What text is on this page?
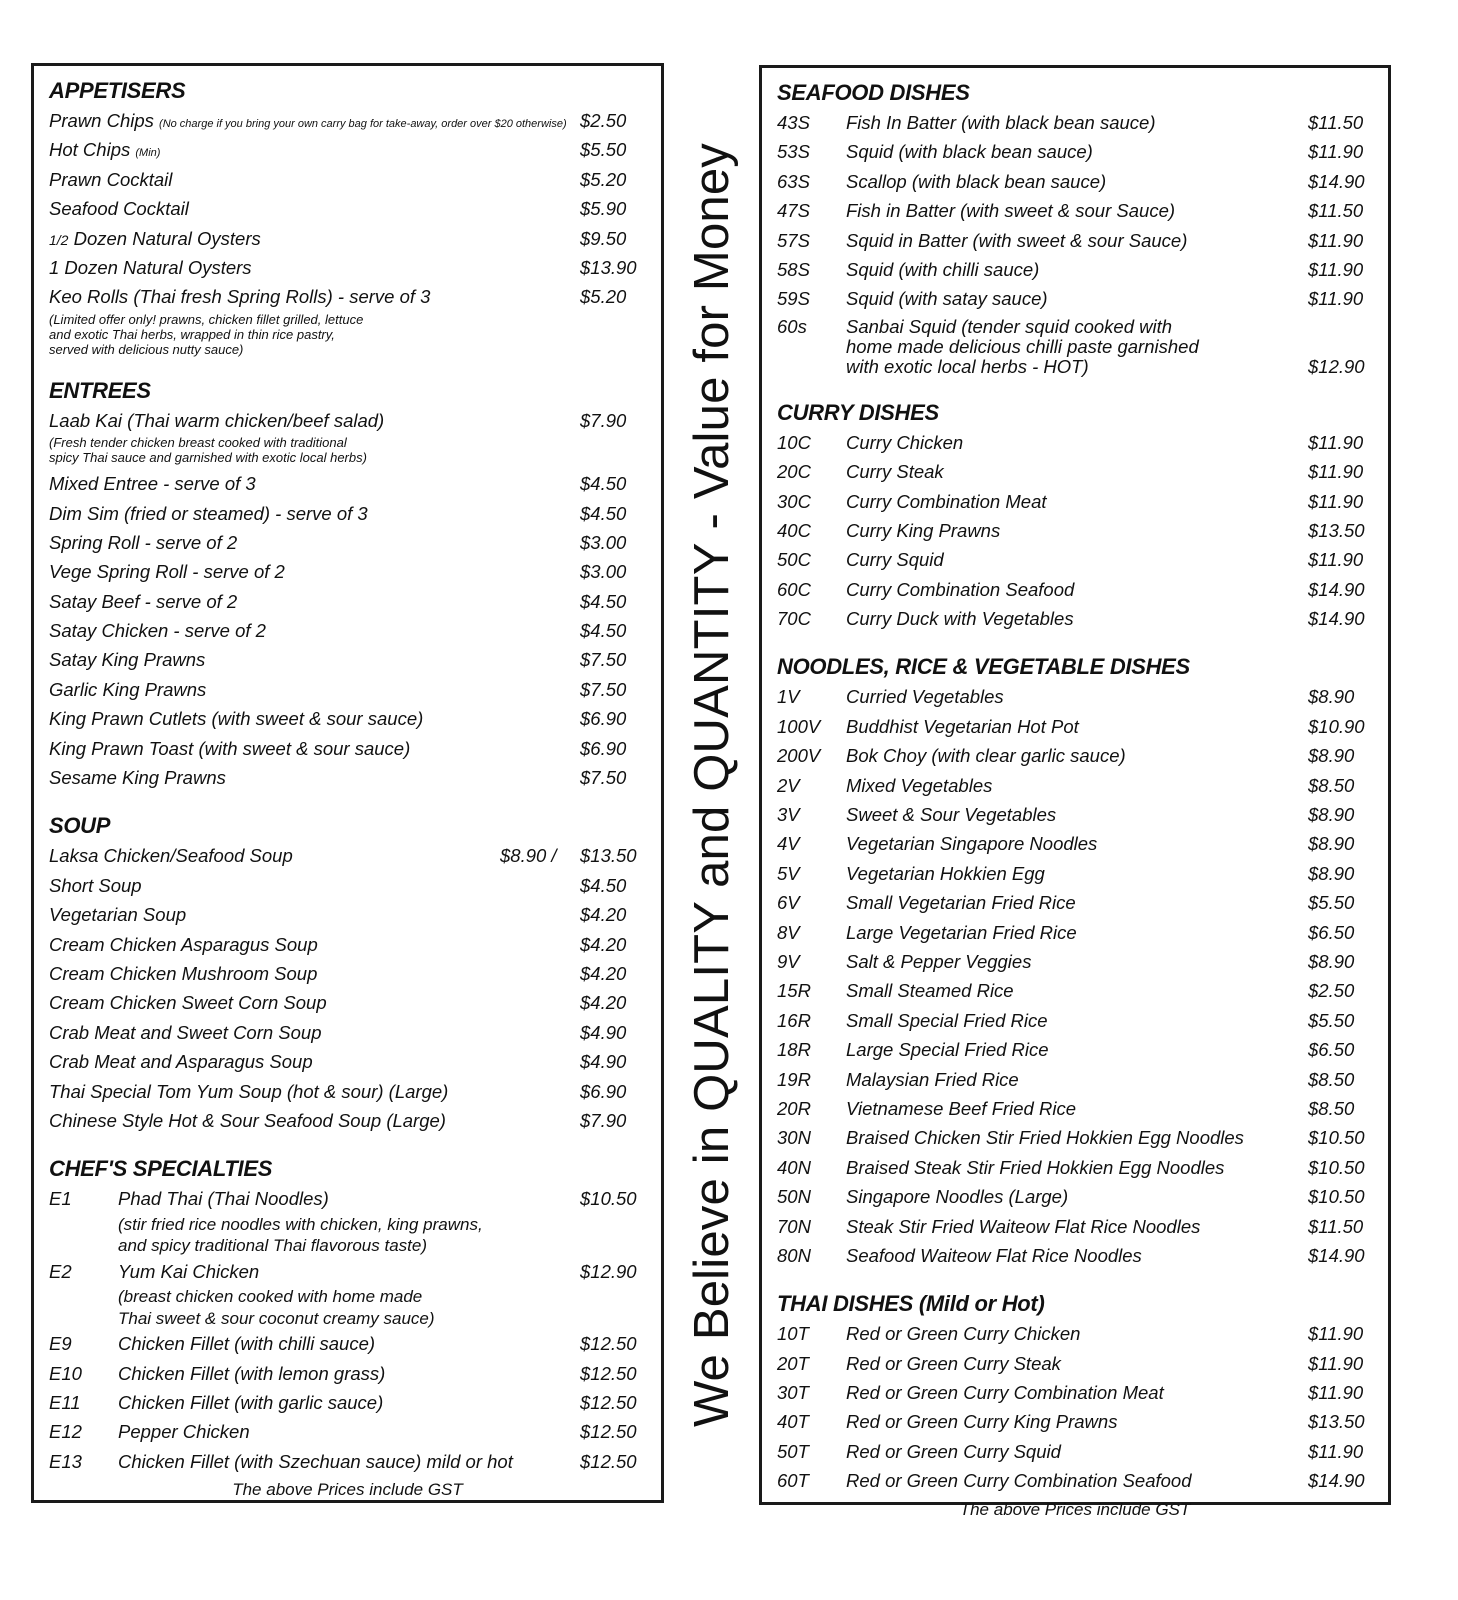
APPETISERS
Prawn Chips (No charge if you bring your own carry bag for take-away, order over $20 otherwise) $2.50
Hot Chips (Min)	$5.50
Prawn Cocktail	$5.20
Seafood Cocktail	$5.90
1/2 Dozen Natural Oysters	$9.50
1 Dozen Natural Oysters	$13.90
Keo Rolls (Thai fresh Spring Rolls) - serve of 3	$5.20
(Limited offer only! prawns, chicken fillet grilled, lettuce
and exotic Thai herbs, wrapped in thin rice pastry,
served with delicious nutty sauce)
ENTREES
Laab Kai (Thai warm chicken/beef salad)	$7.90
(Fresh tender chicken breast cooked with traditional
spicy Thai sauce and garnished with exotic local herbs)
Mixed Entree - serve of 3	$4.50
Dim Sim (fried or steamed) - serve of 3	$4.50
Spring Roll - serve of 2	$3.00
Vege Spring Roll - serve of 2	$3.00
Satay Beef - serve of 2	$4.50
Satay Chicken - serve of 2	$4.50
Satay King Prawns	$7.50
Garlic King Prawns	$7.50
King Prawn Cutlets (with sweet & sour sauce)	$6.90
King Prawn Toast (with sweet & sour sauce)	$6.90
Sesame King Prawns	$7.50
SOUP
Laksa Chicken/Seafood Soup	$8.90 / $13.50
Short Soup	$4.50
Vegetarian Soup	$4.20
Cream Chicken Asparagus Soup	$4.20
Cream Chicken Mushroom Soup	$4.20
Cream Chicken Sweet Corn Soup	$4.20
Crab Meat and Sweet Corn Soup	$4.90
Crab Meat and Asparagus Soup	$4.90
Thai Special Tom Yum Soup (hot & sour) (Large)	$6.90
Chinese Style Hot & Sour Seafood Soup (Large)	$7.90
CHEF'S SPECIALTIES
E1	Phad Thai (Thai Noodles)	$10.50
(stir fried rice noodles with chicken, king prawns,
and spicy traditional Thai flavorous taste)
E2	Yum Kai Chicken	$12.90
(breast chicken cooked with home made
Thai sweet & sour coconut creamy sauce)
E9	Chicken Fillet (with chilli sauce)	$12.50
E10 Chicken Fillet (with lemon grass)	$12.50
E11 Chicken Fillet (with garlic sauce)	$12.50
E12 Pepper Chicken	$12.50
E13 Chicken Fillet (with Szechuan sauce) mild or hot	$12.50
The above Prices include GST
We Believe in QUALITY and QUANTITY - Value for Money
SEAFOOD DISHES
43S Fish In Batter (with black bean sauce)	$11.50
53S Squid (with black bean sauce)	$11.90
63S Scallop (with black bean sauce)	$14.90
47S Fish in Batter (with sweet & sour Sauce)	$11.50
57S Squid in Batter (with sweet & sour Sauce)	$11.90
58S Squid (with chilli sauce)	$11.90
59S Squid (with satay sauce)	$11.90
60s Sanbai Squid (tender squid cooked with
home made delicious chilli paste garnished
with exotic local herbs - HOT)	$12.90
CURRY DISHES
10C Curry Chicken	$11.90
20C Curry Steak	$11.90
30C Curry Combination Meat	$11.90
40C Curry King Prawns	$13.50
50C Curry Squid	$11.90
60C Curry Combination Seafood	$14.90
70C Curry Duck with Vegetables	$14.90
NOODLES, RICE & VEGETABLE DISHES
1V	Curried Vegetables	$8.90
100V Buddhist Vegetarian Hot Pot	$10.90
200V Bok Choy (with clear garlic sauce)	$8.90
2V	Mixed Vegetables	$8.50
3V	Sweet & Sour Vegetables	$8.90
4V	Vegetarian Singapore Noodles	$8.90
5V	Vegetarian Hokkien Egg	$8.90
6V	Small Vegetarian Fried Rice	$5.50
8V	Large Vegetarian Fried Rice	$6.50
9V	Salt & Pepper Veggies	$8.90
15R Small Steamed Rice	$2.50
16R Small Special Fried Rice	$5.50
18R Large Special Fried Rice	$6.50
19R Malaysian Fried Rice	$8.50
20R Vietnamese Beef Fried Rice	$8.50
30N Braised Chicken Stir Fried Hokkien Egg Noodles	$10.50
40N Braised Steak Stir Fried Hokkien Egg Noodles	$10.50
50N Singapore Noodles (Large)	$10.50
70N Steak Stir Fried Waiteow Flat Rice Noodles	$11.50
80N Seafood Waiteow Flat Rice Noodles	$14.90
THAI DISHES (Mild or Hot)
10T Red or Green Curry Chicken	$11.90
20T Red or Green Curry Steak	$11.90
30T Red or Green Curry Combination Meat	$11.90
40T Red or Green Curry King Prawns	$13.50
50T Red or Green Curry Squid	$11.90
60T Red or Green Curry Combination Seafood	$14.90
The above Prices include GST
